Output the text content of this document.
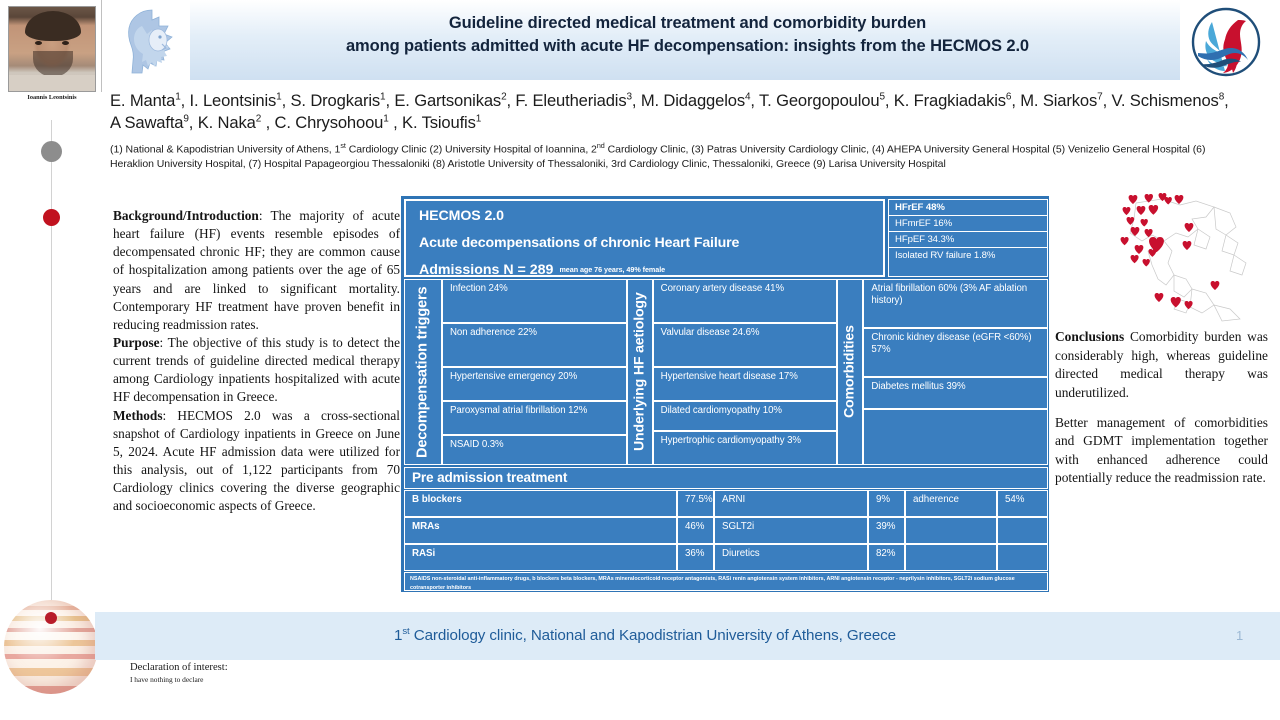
Ioannis Leontsinis
Guideline directed medical treatment and comorbidity burden
among patients admitted with acute HF decompensation: insights from the HECMOS 2.0
E. Manta$^1$, I. Leontsinis$^1$, S. Drogkaris$^1$, E. Gartsonikas$^2$, F. Eleutheriadis$^3$, M. Didaggelos$^4$, T. Georgopoulou$^5$, K. Fragkiadakis$^6$, M. Siarkos$^7$, V. Schismenos$^8$, A Sawafta$^9$, K. Naka$^2$ , C. Chrysohoou$^1$ , K. Tsioufis$^1$
(1) National & Kapodistrian University of Athens, 1st Cardiology Clinic (2) University Hospital of Ioannina, 2nd Cardiology Clinic, (3) Patras University Cardiology Clinic, (4) AHEPA University General Hospital (5) Venizelio General Hospital (6) Heraklion University Hospital, (7) Hospital Papageorgiou Thessaloniki (8) Aristotle University of Thessaloniki, 3rd Cardiology Clinic, Thessaloniki, Greece (9) Larisa University Hospital

Background/Introduction: The majority of acute heart failure (HF) events resemble episodes of decompensated chronic HF; they are common cause of hospitalization among patients over the age of 65 years and are linked to significant mortality. Contemporary HF treatment have proven benefit in reducing readmission rates.

Purpose: The objective of this study is to detect the current trends of guideline directed medical therapy among Cardiology inpatients hospitalized with acute HF decompensation in Greece.

Methods: HECMOS 2.0 was a cross-sectional snapshot of Cardiology inpatients in Greece on June 5, 2024. Acute HF admission data were utilized for this analysis, out of 1,122 participants from 70 Cardiology clinics covering the diverse geographic and socioeconomic aspects of Greece.

HECMOS 2.0
Acute decompensations of chronic Heart Failure
Admissions N = 289 mean age 76 years, 49% female
HFrEF 48%
HFmrEF 16%
HFpEF 34.3%
Isolated RV failure 1.8%
Decompensation triggers	Infection 24%
Non adherence 22%
Hypertensive emergency 20%
Paroxysmal atrial fibrillation 12%
NSAID 0.3%	Underlying HF aetiology
Coronary artery disease 41%
Valvular disease 24.6%
Hypertensive heart disease 17%
Dilated cardiomyopathy 10%
Hypertrophic cardiomyopathy 3%
Comorbidities
Atrial fibrillation 60% (3% AF ablation history)
Chronic kidney disease (eGFR <60%) 57%
Diabetes mellitus 39%
Pre admission treatment
B blockers	77.5% ARNI	9%	adherence	54%
MRAs	46%	SGLT2i	39%
RASi	36%	Diuretics	82%
NSAIDS non-steroidal anti-inflammatory drugs, b blockers beta blockers, MRAs mineralocorticoid receptor antagonists, RASi renin angiotensin system inhibitors, ARNI angiotensin receptor - neprilysin inhibitors, SGLT2i sodium glucose cotransporter inhibitors

Conclusions Comorbidity burden was considerably high, whereas guideline directed medical therapy was underutilized.

Better management of comorbidities and GDMT implementation together with enhanced adherence could potentially reduce the readmission rate.

1st Cardiology clinic, National and Kapodistrian University of Athens, Greece	1
Declaration of interest:
I have nothing to declare
